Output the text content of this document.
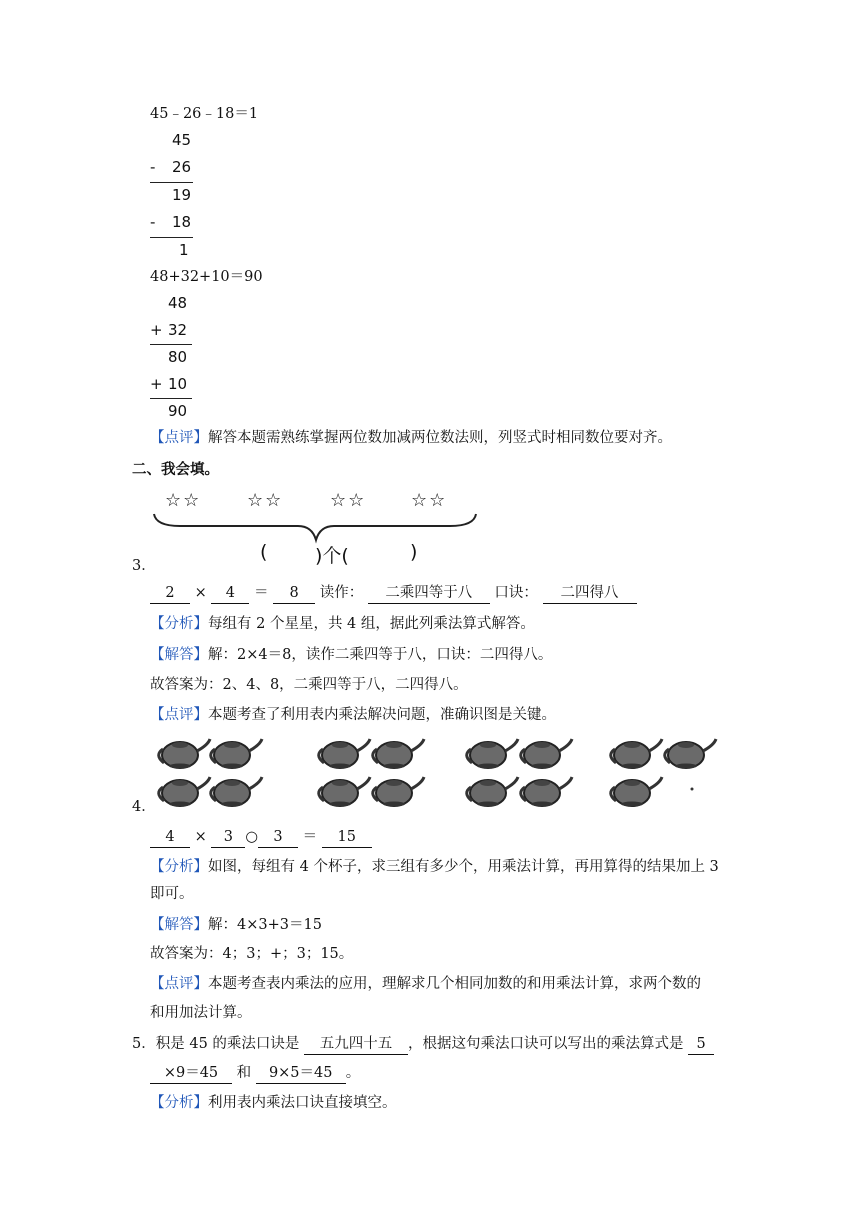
45﹣26﹣18＝1
45
- 26
19
- 18
1
48+32+10＝90
48
+ 32
80
+ 10
90
【点评】解答本题需熟练掌握两位数加减两位数法则，列竖式时相同数位要对齐。
二、我会填。
☆☆	☆☆	☆☆ ☆☆
(	)个(	)
3．
2 × 4 ＝ 8 读作： 二乘四等于八 口诀： 二四得八
【分析】每组有 2 个星星，共 4 组，据此列乘法算式解答。
【解答】解：2×4＝8，读作二乘四等于八，口诀：二四得八。
故答案为：2、4、8，二乘四等于八，二四得八。
【点评】本题考查了利用表内乘法解决问题，准确识图是关键。
4．
4 × 3 ○ 3 ＝ 15
【分析】如图，每组有 4 个杯子，求三组有多少个，用乘法计算，再用算得的结果加上 3
即可。
【解答】解：4×3+3＝15
故答案为：4；3；+；3；15。
【点评】本题考查表内乘法的应用，理解求几个相同加数的和用乘法计算，求两个数的
和用加法计算。
5．积是 45 的乘法口诀是 五九四十五 ，根据这句乘法口诀可以写出的乘法算式是 5
×9＝45 和 9×5＝45 。
【分析】利用表内乘法口诀直接填空。
